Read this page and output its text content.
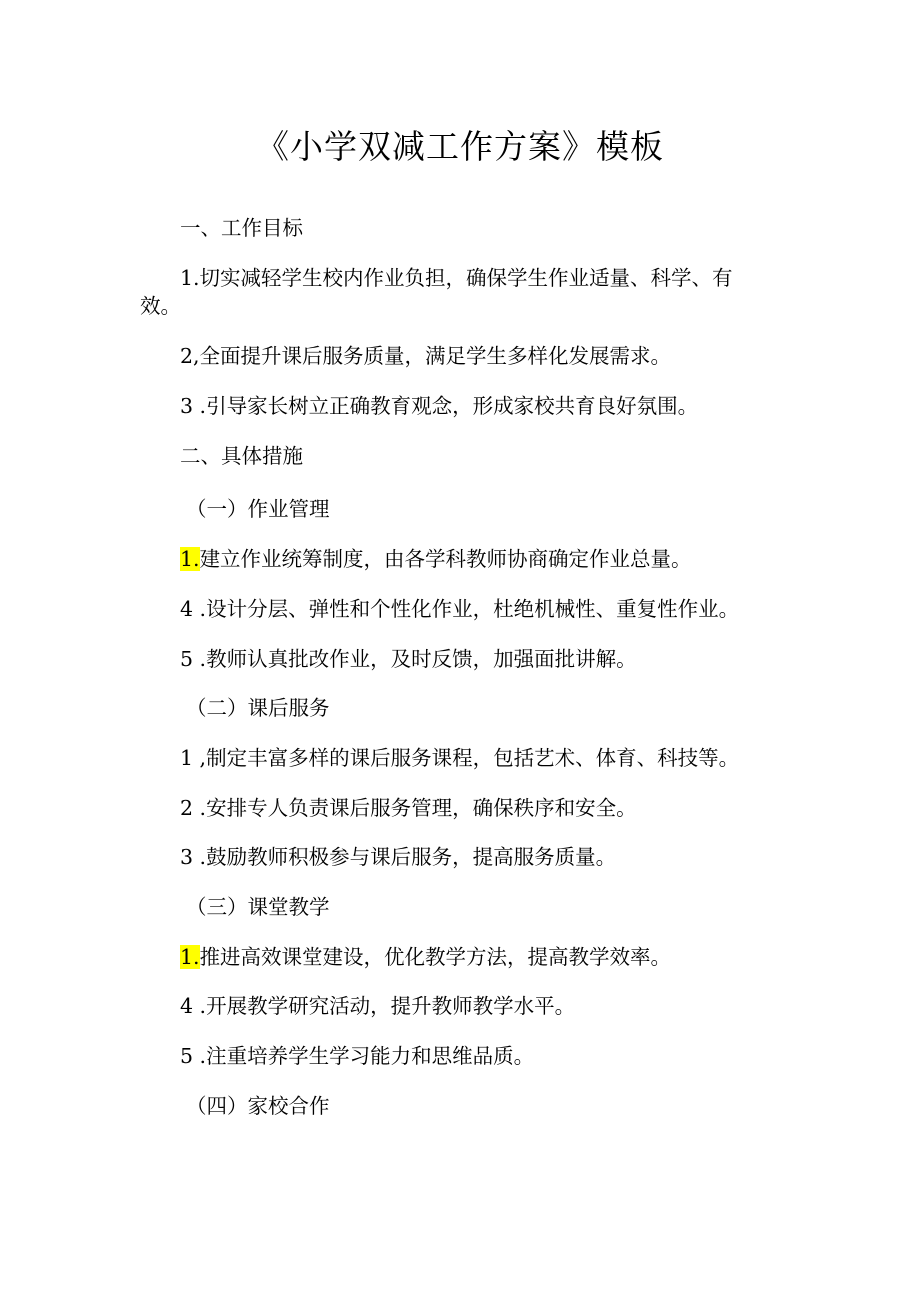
《小学双减工作方案》模板
一、工作目标
1.切实减轻学生校内作业负担，确保学生作业适量、科学、有效。
2,全面提升课后服务质量，满足学生多样化发展需求。
3 .引导家长树立正确教育观念，形成家校共育良好氛围。
二、具体措施
（一）作业管理
1.建立作业统筹制度，由各学科教师协商确定作业总量。
4 .设计分层、弹性和个性化作业，杜绝机械性、重复性作业。
5 .教师认真批改作业，及时反馈，加强面批讲解。
（二）课后服务
1 ,制定丰富多样的课后服务课程，包括艺术、体育、科技等。
2 .安排专人负责课后服务管理，确保秩序和安全。
3 .鼓励教师积极参与课后服务，提高服务质量。
（三）课堂教学
1.推进高效课堂建设，优化教学方法，提高教学效率。
4 .开展教学研究活动，提升教师教学水平。
5 .注重培养学生学习能力和思维品质。
（四）家校合作
